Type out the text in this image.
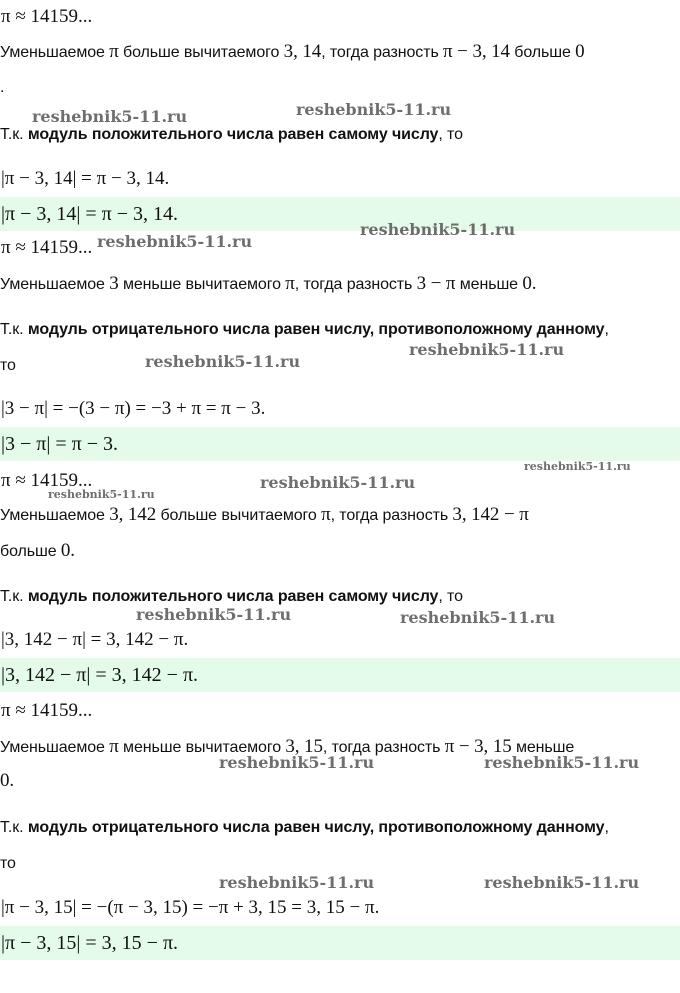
π ≈ 14159...
Уменьшаемое π больше вычитаемого 3, 14, тогда разность π − 3, 14 больше 0
.
Т.к. модуль положительного числа равен самому числу, то
|π − 3, 14| = π − 3, 14.
|π − 3, 14| = π − 3, 14.
π ≈ 14159...
Уменьшаемое 3 меньше вычитаемого π, тогда разность 3 − π меньше 0.
Т.к. модуль отрицательного числа равен числу, противоположному данному,
то
|3 − π| = −(3 − π) = −3 + π = π − 3.
|3 − π| = π − 3.
π ≈ 14159...
Уменьшаемое 3, 142 больше вычитаемого π, тогда разность 3, 142 − π
больше 0.
Т.к. модуль положительного числа равен самому числу, то
|3, 142 − π| = 3, 142 − π.
|3, 142 − π| = 3, 142 − π.
π ≈ 14159...
Уменьшаемое π меньше вычитаемого 3, 15, тогда разность π − 3, 15 меньше
0.
Т.к. модуль отрицательного числа равен числу, противоположному данному,
то
|π − 3, 15| = −(π − 3, 15) = −π + 3, 15 = 3, 15 − π.
|π − 3, 15| = 3, 15 − π.
reshebnik5-11.ru	reshebnik5-11.ru
reshebnik5-11.ru
reshebnik5-11.ru
reshebnik5-11.ru
reshebnik5-11.ru
reshebnik5-11.ru
reshebnik5-11.ru
reshebnik5-11.ru
reshebnik5-11.ru	reshebnik5-11.ru
reshebnik5-11.ru	reshebnik5-11.ru
reshebnik5-11.ru	reshebnik5-11.ru
